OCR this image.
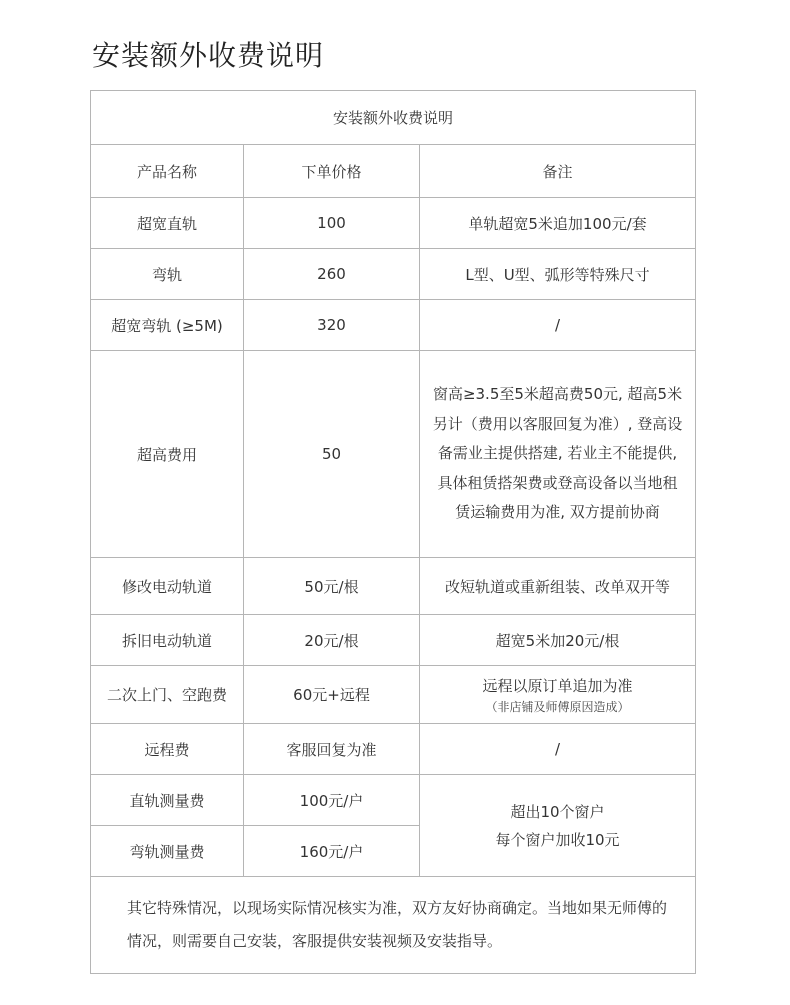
安装额外收费说明
安装额外收费说明		
产品名称	下单价格	备注
超宽直轨	100	单轨超宽5米追加100元/套
弯轨	260	L型、U型、弧形等特殊尺寸
超宽弯轨 (≥5M)	320	/
超高费用	50	窗高≥3.5至5米超高费50元, 超高5米另计（费用以客服回复为准）, 登高设备需业主提供搭建, 若业主不能提供,具体租赁搭架费或登高设备以当地租赁运输费用为准, 双方提前协商
修改电动轨道	50元/根	改短轨道或重新组装、改单双开等
拆旧电动轨道	20元/根	超宽5米加20元/根
二次上门、空跑费	60元+远程	远程以原订单追加为准
（非店铺及师傅原因造成）

远程费	客服回复为准	/
直轨测量费	100元/户	超出10个窗户
每个窗户加收10元

弯轨测量费	160元/户	
其它特殊情况，以现场实际情况核实为准，双方友好协商确定。当地如果无师傅的情况，则需要自己安装，客服提供安装视频及安装指导。		
